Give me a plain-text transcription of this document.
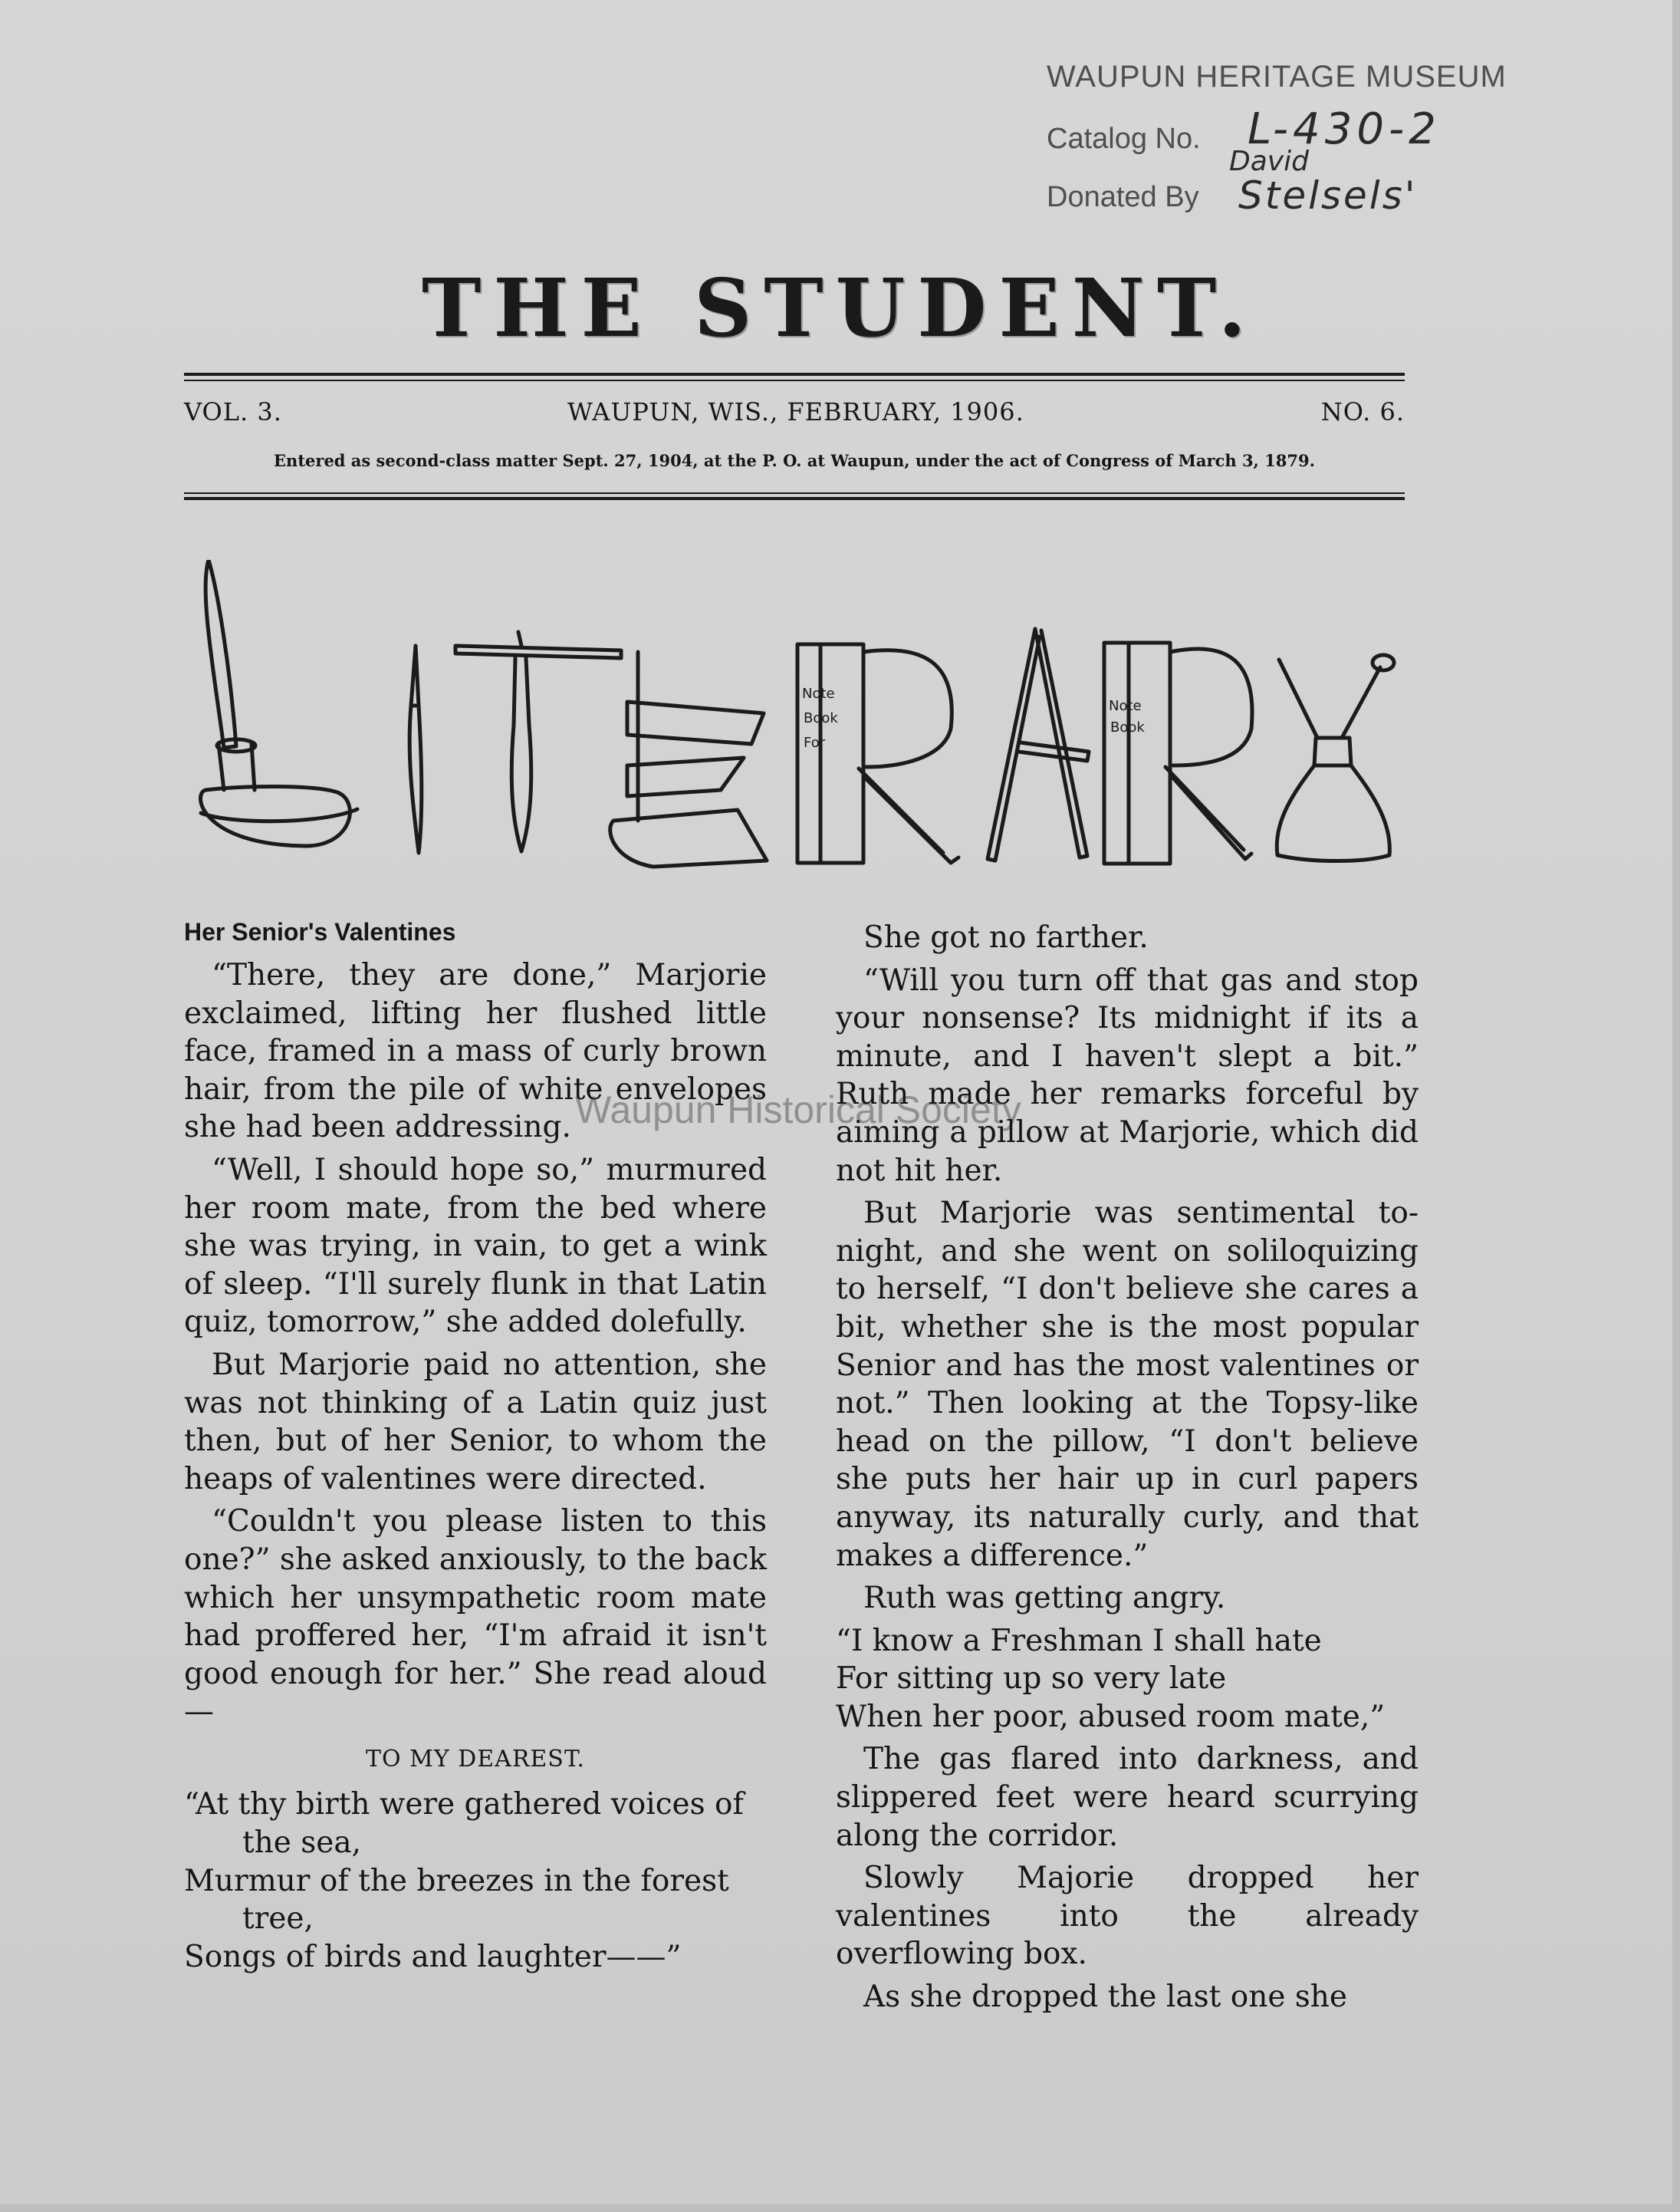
WAUPUN HERITAGE MUSEUM
Catalog No. L-430-2
Donated By
David
Stelsels'
THE STUDENT.
VOL. 3.	WAUPUN, WIS., FEBRUARY, 1906.	NO. 6.
Entered as second-class matter Sept. 27, 1904, at the P. O. at Waupun, under the act of Congress of March 3, 1879.
Note
Book
For
Note
Book
Waupun Historical Society

Her Senior's Valentines

“There, they are done,” Marjorie exclaimed, lifting her flushed little face, framed in a mass of curly brown hair, from the pile of white envelopes she had been addressing.

“Well, I should hope so,” murmured her room mate, from the bed where she was trying, in vain, to get a wink of sleep. “I'll surely flunk in that Latin quiz, tomorrow,” she added dolefully.

But Marjorie paid no attention, she was not thinking of a Latin quiz just then, but of her Senior, to whom the heaps of valentines were directed.

“Couldn't you please listen to this one?” she asked anxiously, to the back which her unsympathetic room mate had proffered her, “I'm afraid it isn't good enough for her.” She read aloud—

TO MY DEAREST.

“At thy birth were gathered voices of
the sea,

Murmur of the breezes in the forest
tree,

Songs of birds and laughter——”

She got no farther.

“Will you turn off that gas and stop your nonsense? Its midnight if its a minute, and I haven't slept a bit.” Ruth made her remarks forceful by aiming a pillow at Marjorie, which did not hit her.

But Marjorie was sentimental to-night, and she went on soliloquizing to herself, “I don't believe she cares a bit, whether she is the most popular Senior and has the most valentines or not.” Then looking at the Topsy-like head on the pillow, “I don't believe she puts her hair up in curl papers anyway, its naturally curly, and that makes a difference.”

Ruth was getting angry.

“I know a Freshman I shall hate

For sitting up so very late

When her poor, abused room mate,”

The gas flared into darkness, and slippered feet were heard scurrying along the corridor.

Slowly Majorie dropped her valentines into the already overflowing box.

As she dropped the last one she
